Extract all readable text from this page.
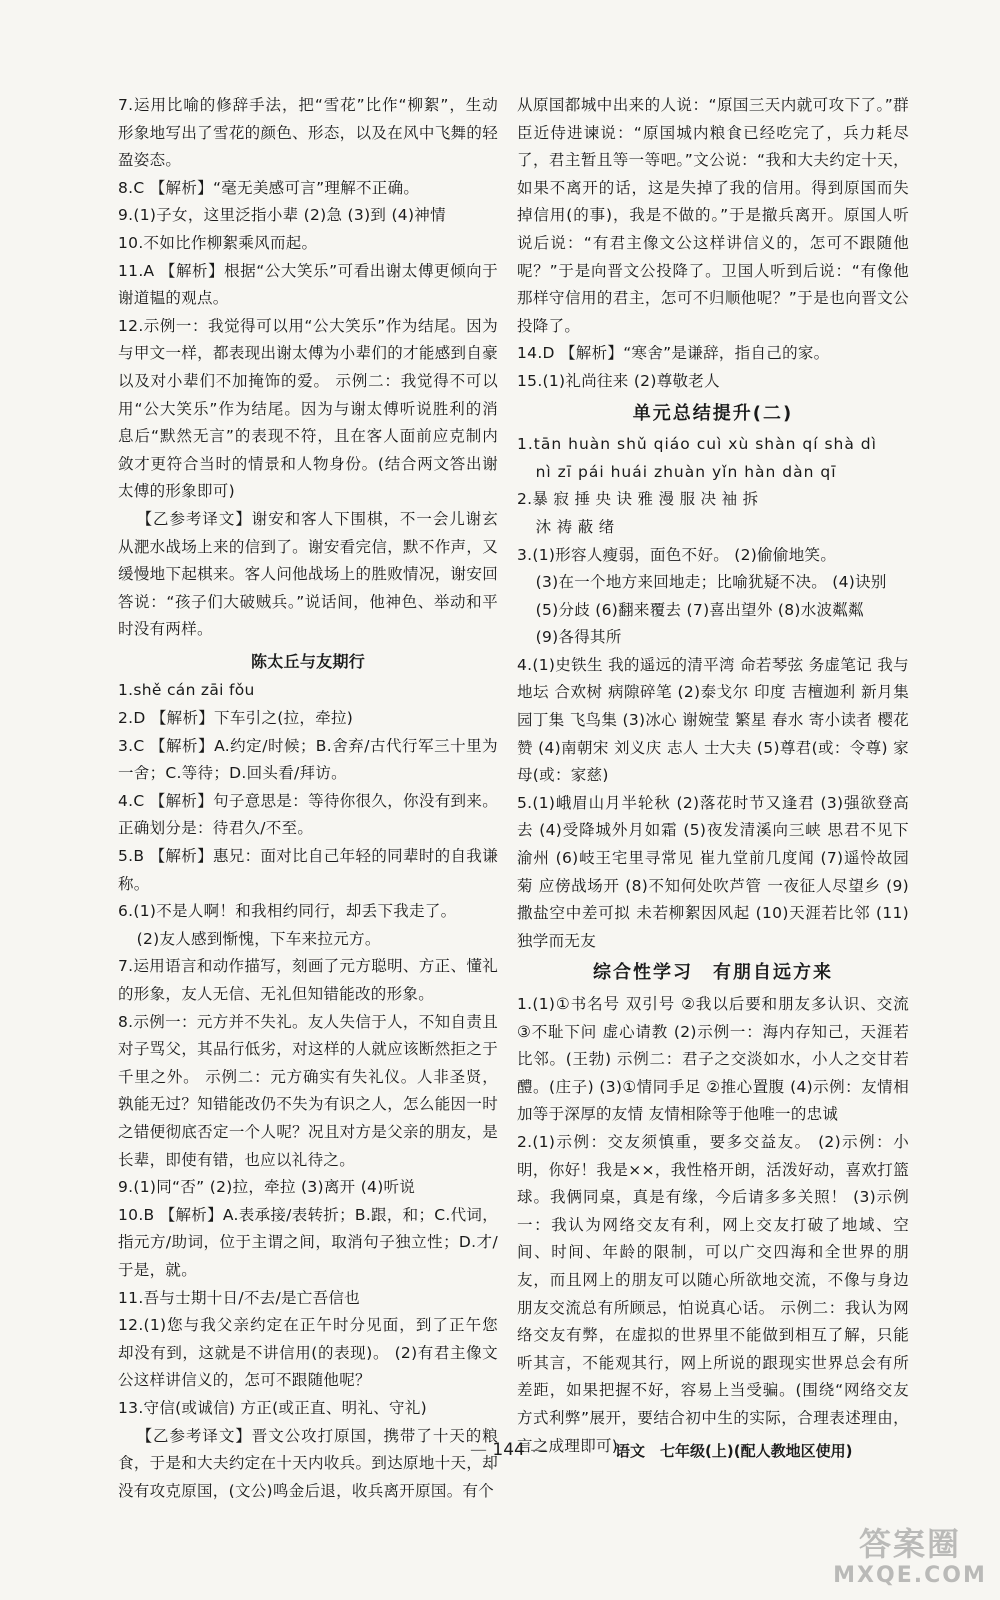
7.运用比喻的修辞手法，把“雪花”比作“柳絮”，生动形象地写出了雪花的颜色、形态，以及在风中飞舞的轻盈姿态。

8.C 【解析】“毫无美感可言”理解不正确。

9.(1)子女，这里泛指小辈 (2)急 (3)到 (4)神情

10.不如比作柳絮乘风而起。

11.A 【解析】根据“公大笑乐”可看出谢太傅更倾向于谢道韫的观点。

12.示例一：我觉得可以用“公大笑乐”作为结尾。因为与甲文一样，都表现出谢太傅为小辈们的才能感到自豪以及对小辈们不加掩饰的爱。 示例二：我觉得不可以用“公大笑乐”作为结尾。因为与谢太傅听说胜利的消息后“默然无言”的表现不符，且在客人面前应克制内敛才更符合当时的情景和人物身份。(结合两文答出谢太傅的形象即可)

【乙参考译文】谢安和客人下围棋，不一会儿谢玄从淝水战场上来的信到了。谢安看完信，默不作声，又缓慢地下起棋来。客人问他战场上的胜败情况，谢安回答说：“孩子们大破贼兵。”说话间，他神色、举动和平时没有两样。

陈太丘与友期行

1.shě cán zāi fǒu

2.D 【解析】下车引之(拉，牵拉)

3.C 【解析】A.约定/时候；B.舍弃/古代行军三十里为一舍；C.等待；D.回头看/拜访。

4.C 【解析】句子意思是：等待你很久，你没有到来。正确划分是：待君久/不至。

5.B 【解析】惠兄：面对比自己年轻的同辈时的自我谦称。

6.(1)不是人啊！和我相约同行，却丢下我走了。

(2)友人感到惭愧，下车来拉元方。

7.运用语言和动作描写，刻画了元方聪明、方正、懂礼的形象，友人无信、无礼但知错能改的形象。

8.示例一：元方并不失礼。友人失信于人，不知自责且对子骂父，其品行低劣，对这样的人就应该断然拒之于千里之外。 示例二：元方确实有失礼仪。人非圣贤，孰能无过？知错能改仍不失为有识之人，怎么能因一时之错便彻底否定一个人呢？况且对方是父亲的朋友，是长辈，即使有错，也应以礼待之。

9.(1)同“否” (2)拉，牵拉 (3)离开 (4)听说

10.B 【解析】A.表承接/表转折；B.跟，和；C.代词，指元方/助词，位于主谓之间，取消句子独立性；D.才/于是，就。

11.吾与士期十日/不去/是亡吾信也

12.(1)您与我父亲约定在正午时分见面，到了正午您却没有到，这就是不讲信用(的表现)。 (2)有君主像文公这样讲信义的，怎可不跟随他呢？

13.守信(或诚信) 方正(或正直、明礼、守礼)

【乙参考译文】晋文公攻打原国，携带了十天的粮食，于是和大夫约定在十天内收兵。到达原地十天，却没有攻克原国，(文公)鸣金后退，收兵离开原国。有个

从原国都城中出来的人说：“原国三天内就可攻下了。”群臣近侍进谏说：“原国城内粮食已经吃完了，兵力耗尽了，君主暂且等一等吧。”文公说：“我和大夫约定十天，如果不离开的话，这是失掉了我的信用。得到原国而失掉信用(的事)，我是不做的。”于是撤兵离开。原国人听说后说：“有君主像文公这样讲信义的，怎可不跟随他呢？”于是向晋文公投降了。卫国人听到后说：“有像他那样守信用的君主，怎可不归顺他呢？”于是也向晋文公投降了。

14.D 【解析】“寒舍”是谦辞，指自己的家。

15.(1)礼尚往来 (2)尊敬老人

单元总结提升(二)

1.tān huàn shǔ qiáo cuì xù shàn qí shà dì

nì zī pái huái zhuàn yǐn hàn dàn qī

2.暴 寂 捶 央 诀 雅 漫 服 决 袖 拆

沐 祷 蔽 绪

3.(1)形容人瘦弱，面色不好。 (2)偷偷地笑。

(3)在一个地方来回地走；比喻犹疑不决。 (4)诀别

(5)分歧 (6)翻来覆去 (7)喜出望外 (8)水波粼粼

(9)各得其所

4.(1)史铁生 我的遥远的清平湾 命若琴弦 务虚笔记 我与地坛 合欢树 病隙碎笔 (2)泰戈尔 印度 吉檀迦利 新月集 园丁集 飞鸟集 (3)冰心 谢婉莹 繁星 春水 寄小读者 樱花赞 (4)南朝宋 刘义庆 志人 士大夫 (5)尊君(或：令尊) 家母(或：家慈)

5.(1)峨眉山月半轮秋 (2)落花时节又逢君 (3)强欲登高去 (4)受降城外月如霜 (5)夜发清溪向三峡 思君不见下渝州 (6)岐王宅里寻常见 崔九堂前几度闻 (7)遥怜故园菊 应傍战场开 (8)不知何处吹芦管 一夜征人尽望乡 (9)撒盐空中差可拟 未若柳絮因风起 (10)天涯若比邻 (11)独学而无友

综合性学习　有朋自远方来

1.(1)①书名号 双引号 ②我以后要和朋友多认识、交流 ③不耻下问 虚心请教 (2)示例一：海内存知己，天涯若比邻。(王勃) 示例二：君子之交淡如水，小人之交甘若醴。(庄子) (3)①情同手足 ②推心置腹 (4)示例：友情相加等于深厚的友情 友情相除等于他唯一的忠诚

2.(1)示例：交友须慎重，要多交益友。 (2)示例：小明，你好！我是××，我性格开朗，活泼好动，喜欢打篮球。我俩同桌，真是有缘，今后请多多关照！ (3)示例一：我认为网络交友有利，网上交友打破了地域、空间、时间、年龄的限制，可以广交四海和全世界的朋友，而且网上的朋友可以随心所欲地交流，不像与身边朋友交流总有所顾忌，怕说真心话。 示例二：我认为网络交友有弊，在虚拟的世界里不能做到相互了解，只能听其言，不能观其行，网上所说的跟现实世界总会有所差距，如果把握不好，容易上当受骗。(围绕“网络交友方式利弊”展开，要结合初中生的实际，合理表述理由，言之成理即可)

— 144 —	语文　七年级(上)(配人教地区使用)
答案圈
MXQE.COM
